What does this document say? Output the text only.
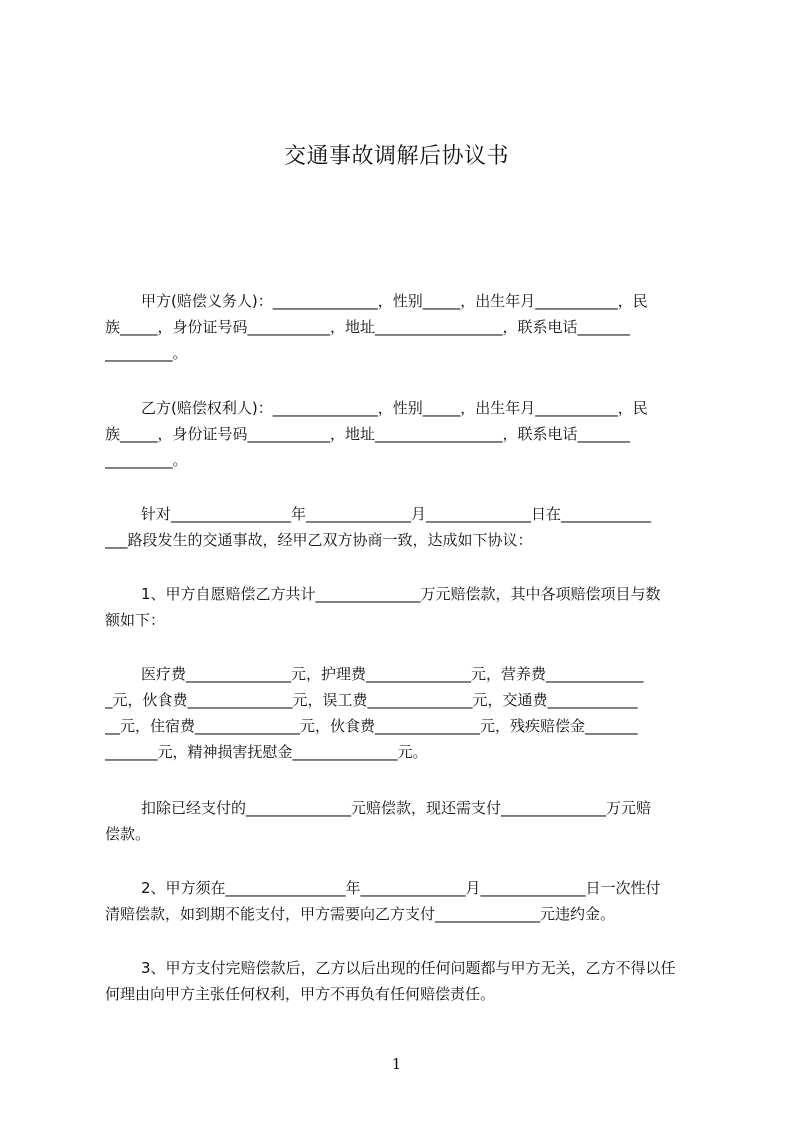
交通事故调解后协议书

甲方(赔偿义务人)：______________，性别_____，出生年月___________，民
族_____，身份证号码___________，地址_________________，联系电话_______
_________。

乙方(赔偿权利人)：______________，性别_____，出生年月___________，民
族_____，身份证号码___________，地址_________________，联系电话_______
_________。

针对________________年______________月______________日在____________
___路段发生的交通事故，经甲乙双方协商一致，达成如下协议：

1、甲方自愿赔偿乙方共计______________万元赔偿款，其中各项赔偿项目与数
额如下：

医疗费______________元，护理费______________元，营养费_____________
_元，伙食费______________元，误工费______________元，交通费____________
__元，住宿费______________元，伙食费______________元，残疾赔偿金_______
_______元，精神损害抚慰金______________元。

扣除已经支付的______________元赔偿款，现还需支付______________万元赔
偿款。

2、甲方须在________________年______________月______________日一次性付
清赔偿款，如到期不能支付，甲方需要向乙方支付______________元违约金。

3、甲方支付完赔偿款后，乙方以后出现的任何问题都与甲方无关，乙方不得以任
何理由向甲方主张任何权利，甲方不再负有任何赔偿责任。

1
